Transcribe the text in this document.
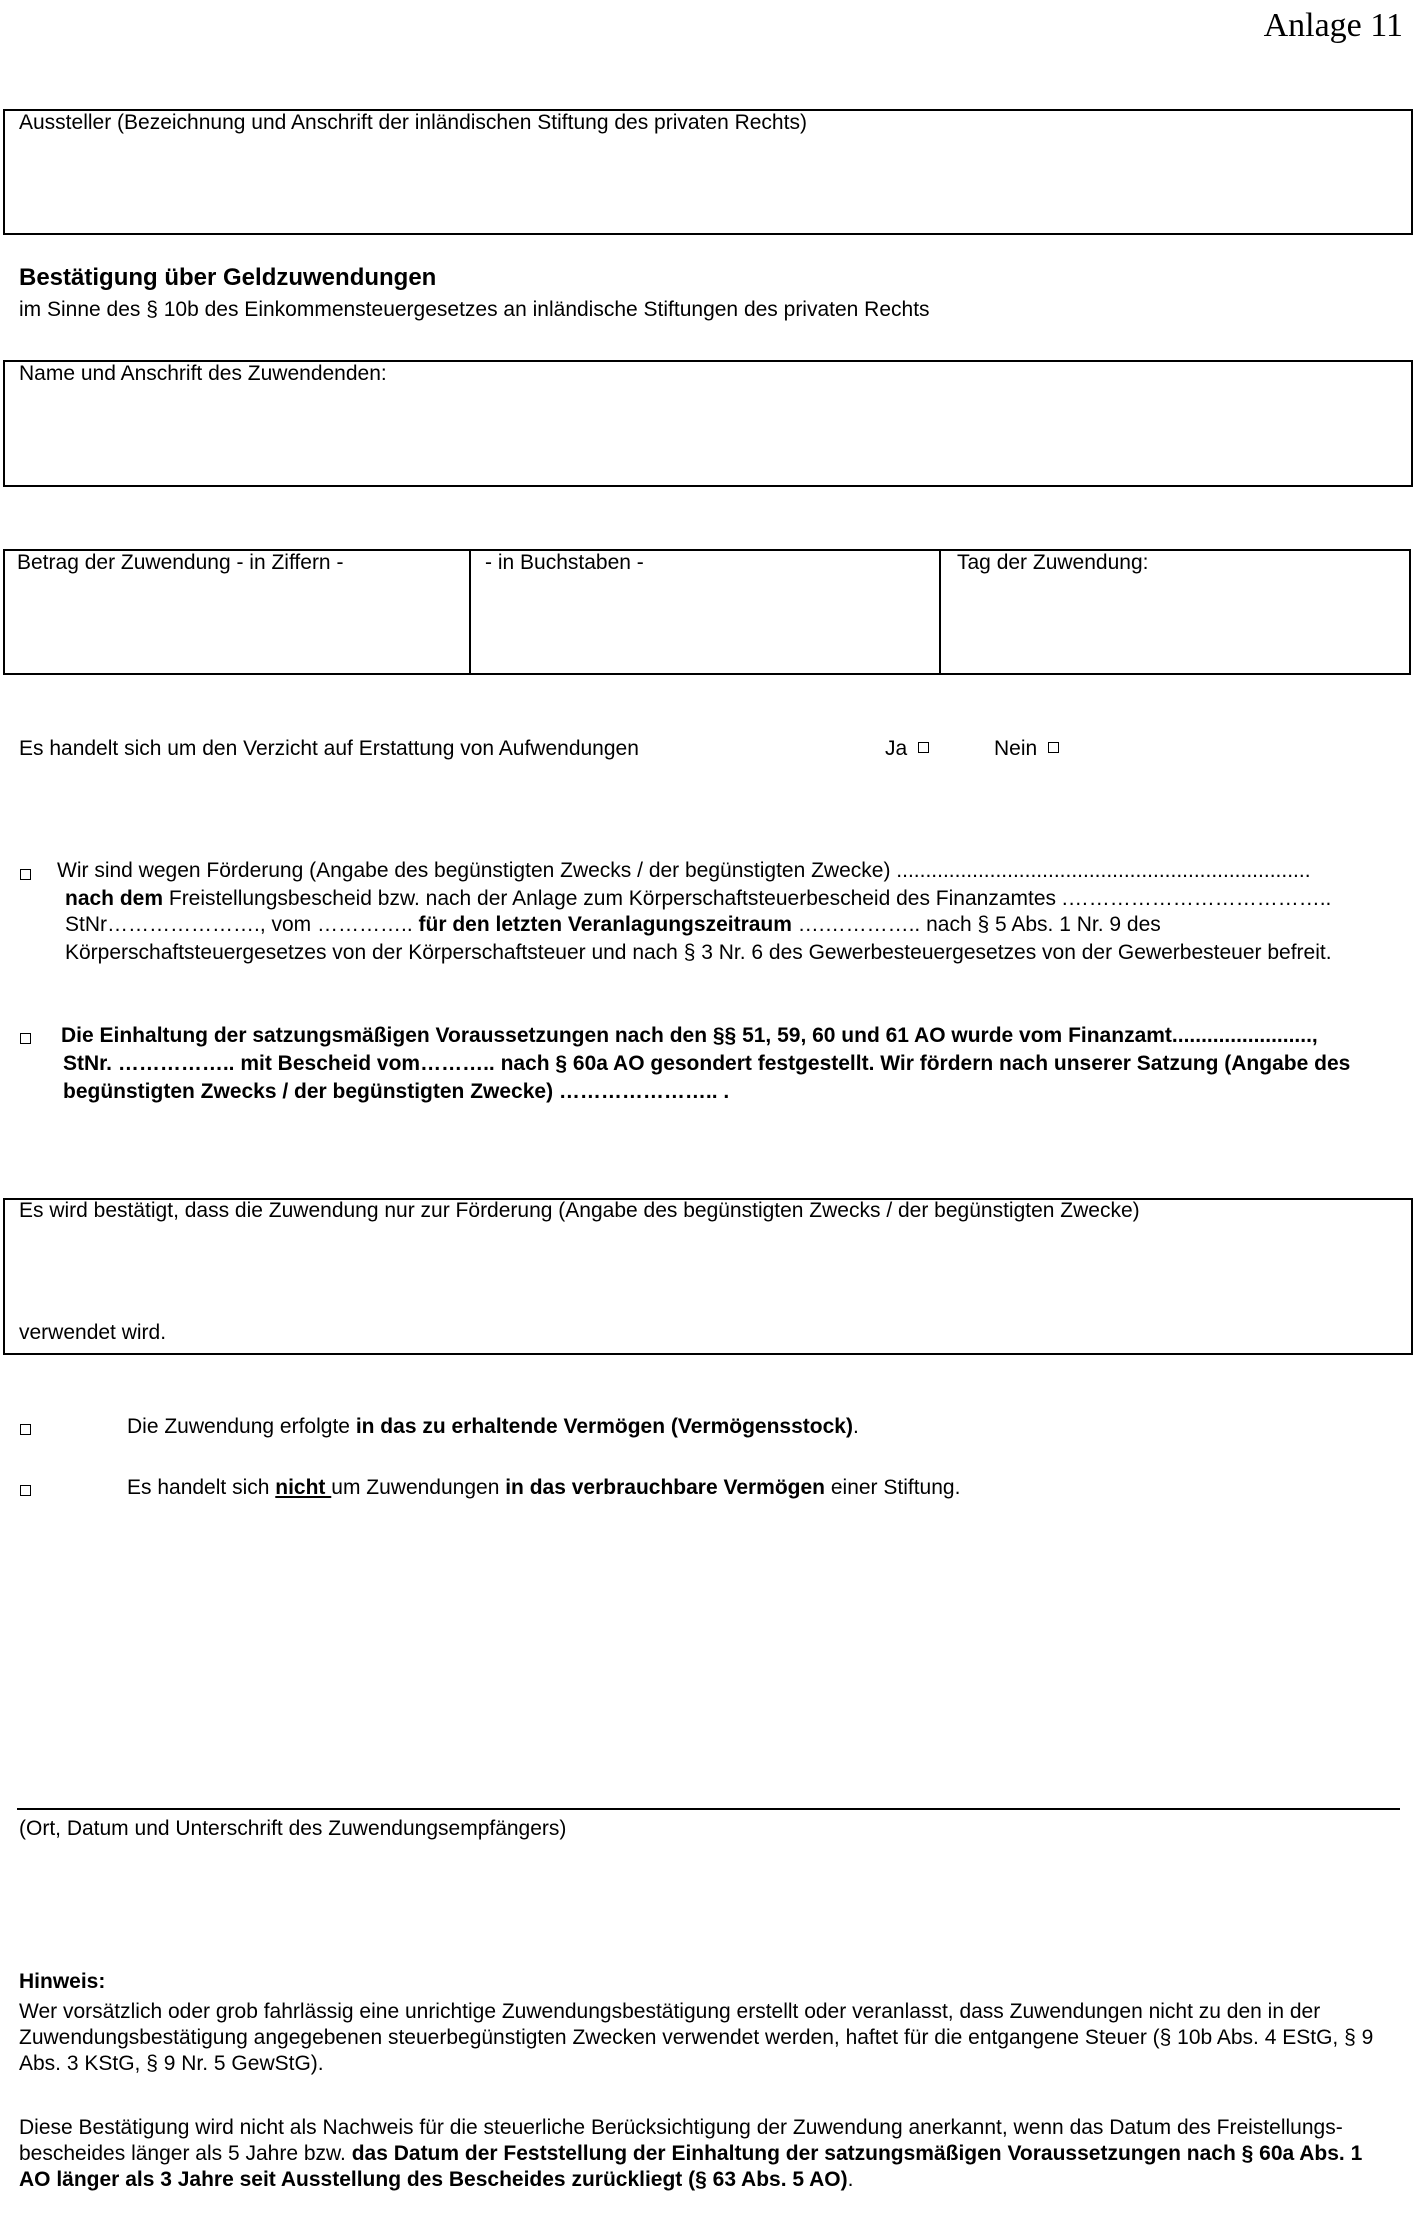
Anlage 11
Aussteller (Bezeichnung und Anschrift der inländischen Stiftung des privaten Rechts)
Bestätigung über Geldzuwendungen
im Sinne des § 10b des Einkommensteuergesetzes an inländische Stiftungen des privaten Rechts
Name und Anschrift des Zuwendenden:
Betrag der Zuwendung - in Ziffern -	- in Buchstaben -	Tag der Zuwendung:
Es handelt sich um den Verzicht auf Erstattung von Aufwendungen	Ja	Nein
Wir sind wegen Förderung (Angabe des begünstigten Zwecks / der begünstigten Zwecke) .......................................................................
nach dem Freistellungsbescheid bzw. nach der Anlage zum Körperschaftsteuerbescheid des Finanzamtes .………………………………..
StNr…………………., vom ………….. für den letzten Veranlagungszeitraum ….………….. nach § 5 Abs. 1 Nr. 9 des
Körperschaftsteuergesetzes von der Körperschaftsteuer und nach § 3 Nr. 6 des Gewerbesteuergesetzes von der Gewerbesteuer befreit.
Die Einhaltung der satzungsmäßigen Voraussetzungen nach den §§ 51, 59, 60 und 61 AO wurde vom Finanzamt........................,
StNr. …………….. mit Bescheid vom……….. nach § 60a AO gesondert festgestellt. Wir fördern nach unserer Satzung (Angabe des
begünstigten Zwecks / der begünstigten Zwecke) ………………….. .
Es wird bestätigt, dass die Zuwendung nur zur Förderung (Angabe des begünstigten Zwecks / der begünstigten Zwecke)
verwendet wird.
Die Zuwendung erfolgte in das zu erhaltende Vermögen (Vermögensstock).
Es handelt sich nicht um Zuwendungen in das verbrauchbare Vermögen einer Stiftung.
(Ort, Datum und Unterschrift des Zuwendungsempfängers)
Hinweis:
Wer vorsätzlich oder grob fahrlässig eine unrichtige Zuwendungsbestätigung erstellt oder veranlasst, dass Zuwendungen nicht zu den in der
Zuwendungsbestätigung angegebenen steuerbegünstigten Zwecken verwendet werden, haftet für die entgangene Steuer (§ 10b Abs. 4 EStG, § 9
Abs. 3 KStG, § 9 Nr. 5 GewStG).
Diese Bestätigung wird nicht als Nachweis für die steuerliche Berücksichtigung der Zuwendung anerkannt, wenn das Datum des Freistellungs-
bescheides länger als 5 Jahre bzw. das Datum der Feststellung der Einhaltung der satzungsmäßigen Voraussetzungen nach § 60a Abs. 1
AO länger als 3 Jahre seit Ausstellung des Bescheides zurückliegt (§ 63 Abs. 5 AO).
